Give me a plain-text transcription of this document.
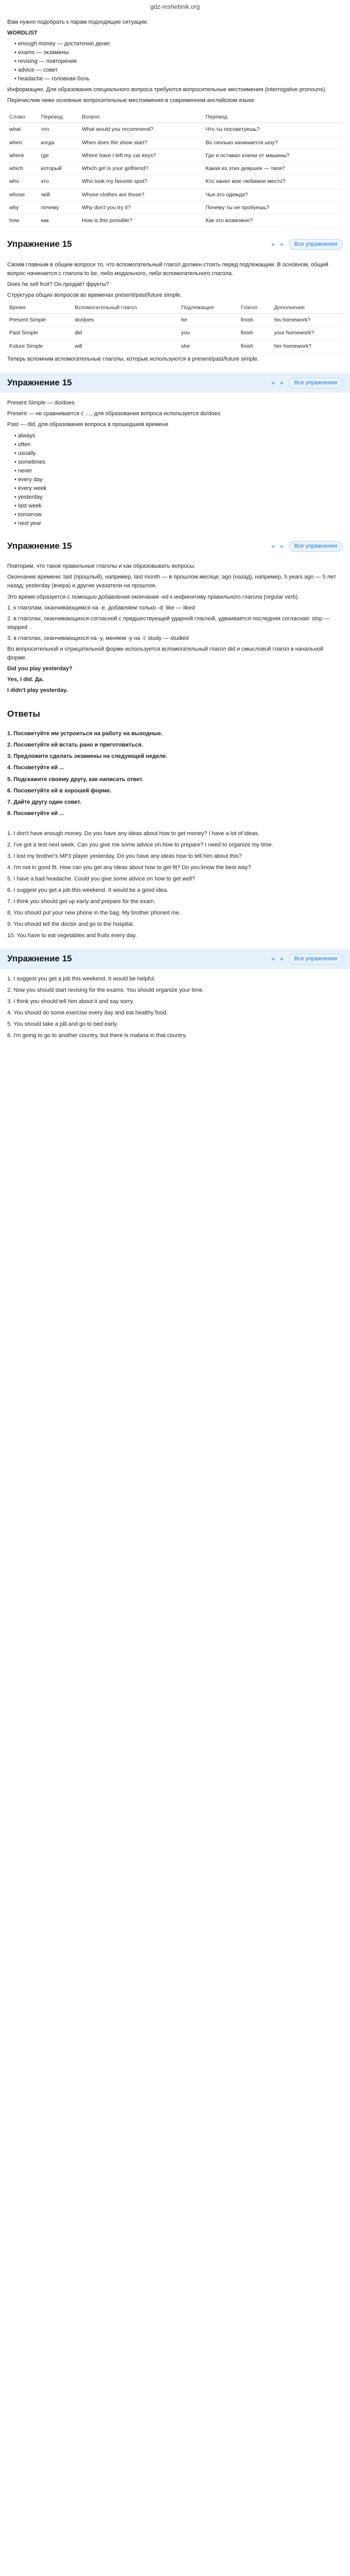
gdz-reshebnik.org

Вам нужно подобрать к парам подходящие ситуации.

WORDLIST

• enough money — достаточно денег
• exams — экзамены
• revising — повторение
• advice — совет
• headache — головная боль

Информацию. Для образования специального вопроса требуются вопросительные местоимения (interrogative pronouns).

Перечислим ниже основные вопросительные местоимения в современном английском языке:

Слово	Перевод	Вопрос	Перевод
what	что	What would you recommend?	Что ты посоветуешь?
when	когда	When does the show start?	Во сколько начинается шоу?
where	где	Where have I left my car keys?	Где я оставил ключи от машины?
which	который	Which girl is your girlfriend?	Какая из этих девушек — твоя?
who	кто	Who took my favorite spot?	Кто занял мое любимое место?
whose	чей	Whose clothes are those?	Чья это одежда?
why	почему	Why don't you try it?	Почему ты не пробуешь?
how	как	How is this possible?	Как это возможно?
Упражнение 15	« »	Все упражнения

Своим главным в общем вопросе то, что вспомогательный глагол должен стоять перед подлежащим. В основном, общий вопрос начинается с глагола to be, либо модального, либо вспомогательного глагола.

Does he sell fruit? Он продаёт фрукты?

Структура общих вопросов во временах present/past/future simple.

Время	Вспомогательный глагол	Подлежащее	Глагол	Дополнение
Present Simple	do/does	he	finish	his homework?
Past Simple	did	you	finish	your homework?
Future Simple	will	she	finish	her homework?

Теперь вспомним вспомогательные глаголы, которые используются в present/past/future simple.

Упражнение 15	« »	Все упражнения

Present Simple — do/does

Present — не сравнивается с …, для образования вопроса используется do/does

Past — did, для образования вопроса в прошедшем времени

• always
• often
• usually
• sometimes
• never
• every day
• every week
• yesterday
• last week
• tomorrow
• next year
Упражнение 15	« »	Все упражнения

Повторим, что такое правильные глаголы и как образовывать вопросы.

Окончание времени: last (прошлый), например, last month — в прошлом месяце; ago (назад), например, 5 years ago — 5 лет назад; yesterday (вчера) и другие указатели на прошлое.

Это время образуется с помощью добавления окончания -ed к инфинитиву правильного глагола (regular verb).

1. к глаголам, оканчивающимся на -e, добавляем только -d: like — liked

2. в глаголах, оканчивающихся согласной с предшествующей ударной гласной, удваивается последняя согласная: stop — stopped

3. в глаголах, оканчивающихся на -y, меняем -y на -i: study — studied

Во вопросительной и отрицательной форме используется вспомогательный глагол did и смысловой глагол в начальной форме.

Did you play yesterday?

Yes, I did. Да.

I didn't play yesterday.

Ответы

1. Посоветуйте им устроиться на работу на выходные.

2. Посоветуйте ей встать рано и приготовиться.

3. Предложите сделать экзамены на следующей неделе.

4. Посоветуйте ей ...

5. Подскажите своему другу, как написать ответ.

6. Посоветуйте ей в хорошей форме.

7. Дайте другу один совет.

8. Посоветуйте ей ...

1. I don't have enough money. Do you have any ideas about how to get money? I have a lot of ideas.

2. I've got a test next week. Can you give me some advice on how to prepare? I need to organize my time.

3. I lost my brother's MP3 player yesterday. Do you have any ideas how to tell him about this?

4. I'm not in good fit. How can you get any ideas about how to get fit? Do you know the best way?

5. I have a bad headache. Could you give some advice on how to get well?

6. I suggest you get a job this weekend. It would be a good idea.

7. I think you should get up early and prepare for the exam.

8. You should put your new phone in the bag. My brother phoned me.

9. You should tell the doctor and go to the hospital.

10. You have to eat vegetables and fruits every day.

Упражнение 15	« »	Все упражнения

1. I suggest you get a job this weekend. It would be helpful.

2. Now you should start revising for the exams. You should organize your time.

3. I think you should tell him about it and say sorry.

4. You should do some exercise every day and eat healthy food.

5. You should take a pill and go to bed early.

6. I'm going to go to another country, but there is malaria in that country.
